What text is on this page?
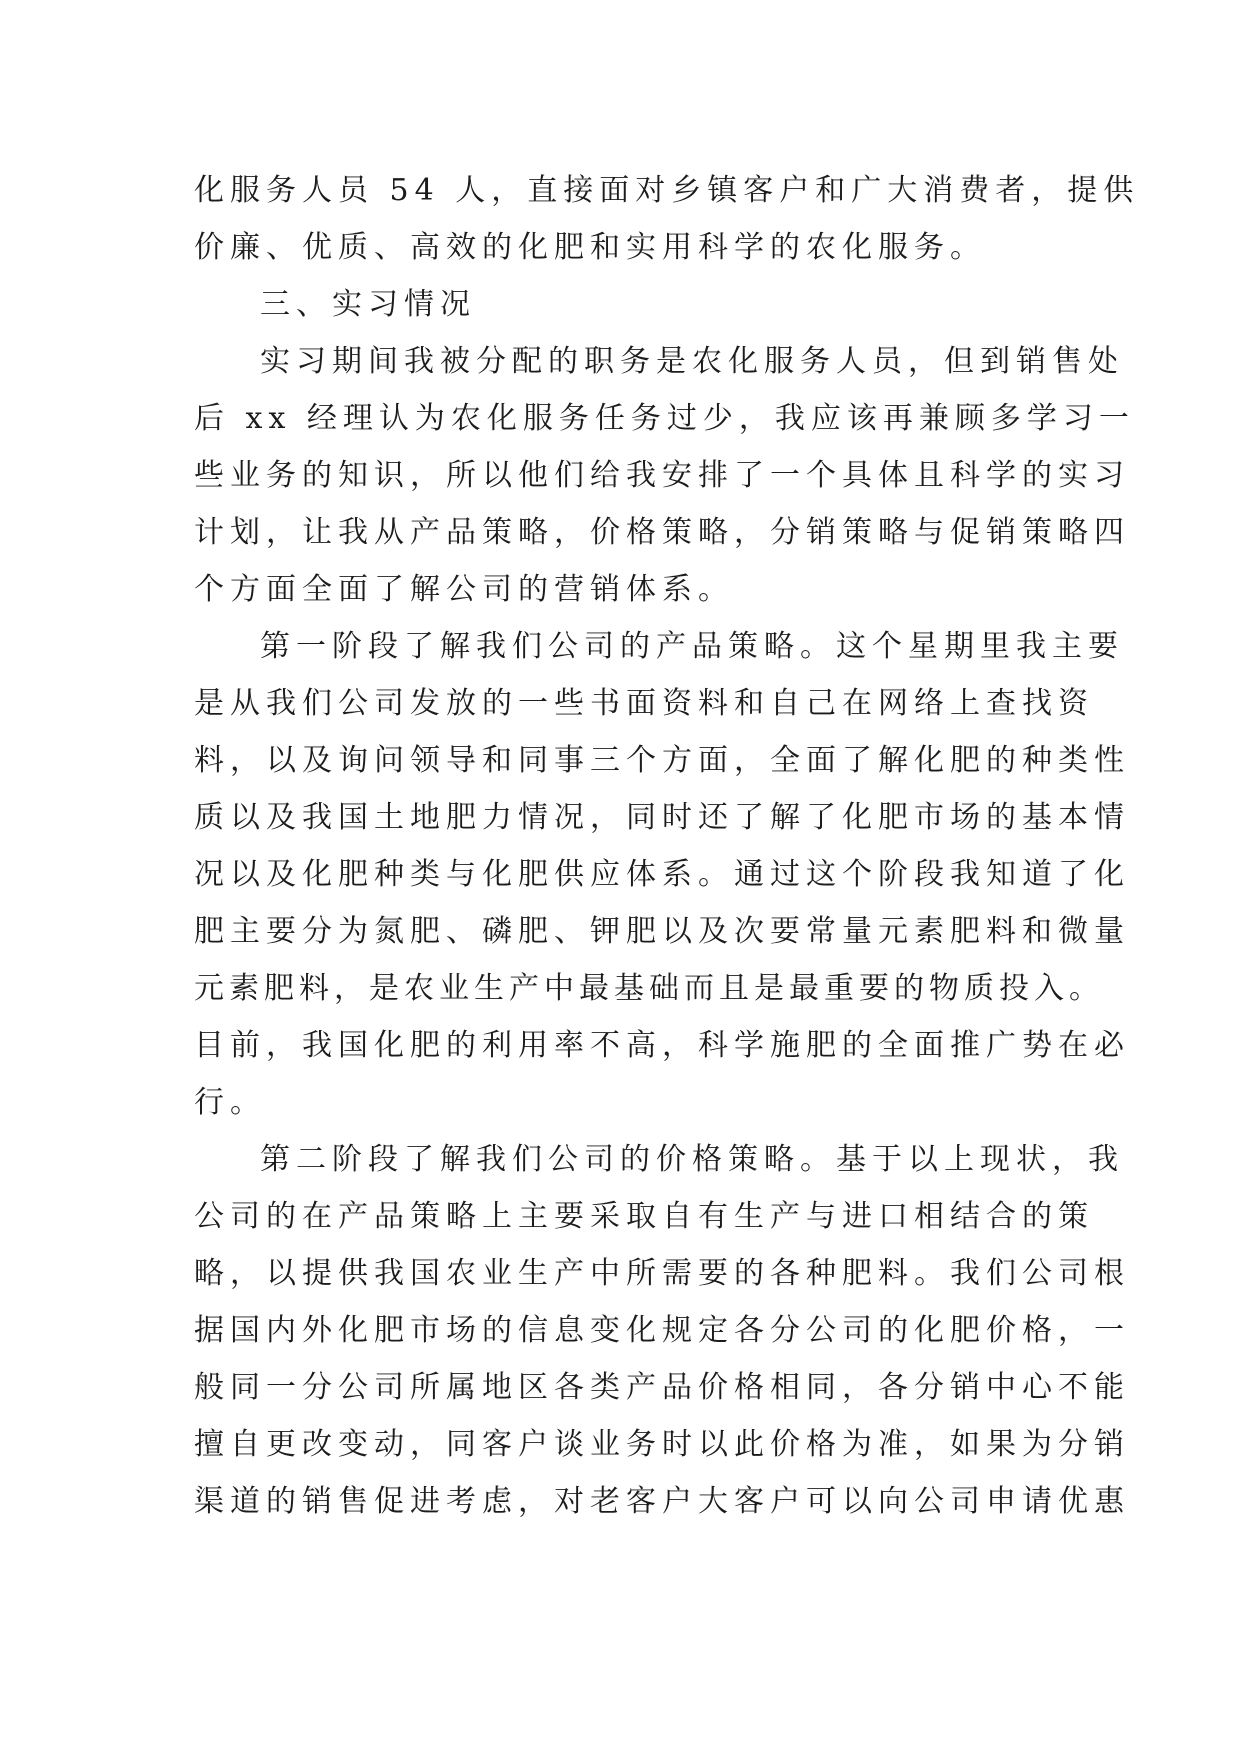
化服务人员 54 人，直接面对乡镇客户和广大消费者，提供
价廉、优质、高效的化肥和实用科学的农化服务。
三、实习情况
实习期间我被分配的职务是农化服务人员，但到销售处
后 xx 经理认为农化服务任务过少，我应该再兼顾多学习一
些业务的知识，所以他们给我安排了一个具体且科学的实习
计划，让我从产品策略，价格策略，分销策略与促销策略四
个方面全面了解公司的营销体系。
第一阶段了解我们公司的产品策略。这个星期里我主要
是从我们公司发放的一些书面资料和自己在网络上查找资
料，以及询问领导和同事三个方面，全面了解化肥的种类性
质以及我国土地肥力情况，同时还了解了化肥市场的基本情
况以及化肥种类与化肥供应体系。通过这个阶段我知道了化
肥主要分为氮肥、磷肥、钾肥以及次要常量元素肥料和微量
元素肥料，是农业生产中最基础而且是最重要的物质投入。
目前，我国化肥的利用率不高，科学施肥的全面推广势在必
行。
第二阶段了解我们公司的价格策略。基于以上现状，我
公司的在产品策略上主要采取自有生产与进口相结合的策
略，以提供我国农业生产中所需要的各种肥料。我们公司根
据国内外化肥市场的信息变化规定各分公司的化肥价格，一
般同一分公司所属地区各类产品价格相同，各分销中心不能
擅自更改变动，同客户谈业务时以此价格为准，如果为分销
渠道的销售促进考虑，对老客户大客户可以向公司申请优惠
